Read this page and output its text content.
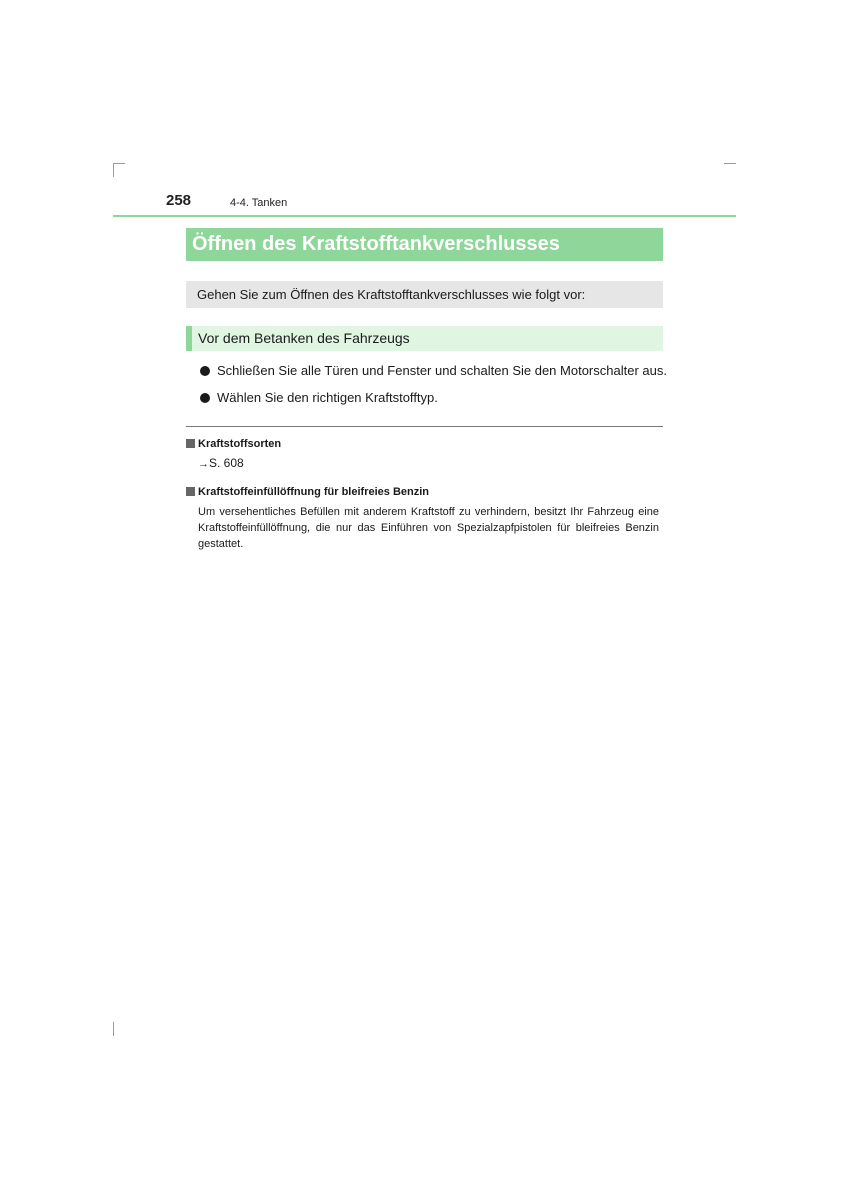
258	4-4. Tanken
Öffnen des Kraftstofftankverschlusses
Gehen Sie zum Öffnen des Kraftstofftankverschlusses wie folgt vor:
Vor dem Betanken des Fahrzeugs
Schließen Sie alle Türen und Fenster und schalten Sie den Motorschalter aus.
Wählen Sie den richtigen Kraftstofftyp.
Kraftstoffsorten
→S. 608
Kraftstoffeinfüllöffnung für bleifreies Benzin
Um versehentliches Befüllen mit anderem Kraftstoff zu verhindern, besitzt Ihr Fahrzeug eine Kraftstoffeinfüllöffnung, die nur das Einführen von Spezialzapfpistolen für bleifreies Benzin gestattet.
